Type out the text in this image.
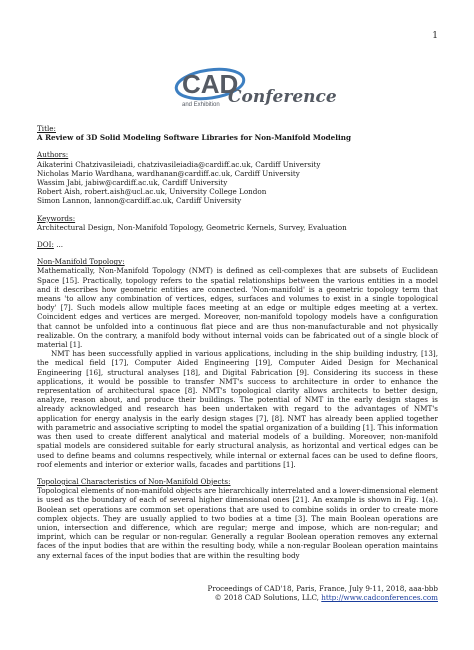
1
CAD
Conference
and Exhibition

Title:

A Review of 3D Solid Modeling Software Libraries for Non-Manifold Modeling

Authors:

Aikaterini Chatzivasileiadi, chatzivasileiadia@cardiff.ac.uk, Cardiff University

Nicholas Mario Wardhana, wardhanan@cardiff.ac.uk, Cardiff University

Wassim Jabi, jabiw@cardiff.ac.uk, Cardiff University

Robert Aish, robert.aish@ucl.ac.uk, University College London

Simon Lannon, lannon@cardiff.ac.uk, Cardiff University

Keywords:

Architectural Design, Non-Manifold Topology, Geometric Kernels, Survey, Evaluation

DOI: ...

Non-Manifold Topology:

Mathematically, Non-Manifold Topology (NMT) is defined as cell-complexes that are subsets of Euclidean Space [15]. Practically, topology refers to the spatial relationships between the various entities in a model and it describes how geometric entities are connected. 'Non-manifold' is a geometric topology term that means 'to allow any combination of vertices, edges, surfaces and volumes to exist in a single topological body' [7]. Such models allow multiple faces meeting at an edge or multiple edges meeting at a vertex. Coincident edges and vertices are merged. Moreover, non-manifold topology models have a configuration that cannot be unfolded into a continuous flat piece and are thus non-manufacturable and not physically realizable. On the contrary, a manifold body without internal voids can be fabricated out of a single block of material [1].

NMT has been successfully applied in various applications, including in the ship building industry, [13], the medical field [17], Computer Aided Engineering [19], Computer Aided Design for Mechanical Engineering [16], structural analyses [18], and Digital Fabrication [9]. Considering its success in these applications, it would be possible to transfer NMT's success to architecture in order to enhance the representation of architectural space [8]. NMT's topological clarity allows architects to better design, analyze, reason about, and produce their buildings. The potential of NMT in the early design stages is already acknowledged and research has been undertaken with regard to the advantages of NMT's application for energy analysis in the early design stages [7], [8]. NMT has already been applied together with parametric and associative scripting to model the spatial organization of a building [1]. This information was then used to create different analytical and material models of a building. Moreover, non-manifold spatial models are considered suitable for early structural analysis, as horizontal and vertical edges can be used to define beams and columns respectively, while internal or external faces can be used to define floors, roof elements and interior or exterior walls, facades and partitions [1].

Topological Characteristics of Non-Manifold Objects:

Topological elements of non-manifold objects are hierarchically interrelated and a lower-dimensional element is used as the boundary of each of several higher dimensional ones [21]. An example is shown in Fig. 1(a). Boolean set operations are common set operations that are used to combine solids in order to create more complex objects. They are usually applied to two bodies at a time [3]. The main Boolean operations are union, intersection and difference, which are regular; merge and impose, which are non-regular; and imprint, which can be regular or non-regular. Generally a regular Boolean operation removes any external faces of the input bodies that are within the resulting body, while a non-regular Boolean operation maintains any external faces of the input bodies that are within the resulting body

Proceedings of CAD'18, Paris, France, July 9-11, 2018, aaa-bbb
© 2018 CAD Solutions, LLC, http://www.cadconferences.com
